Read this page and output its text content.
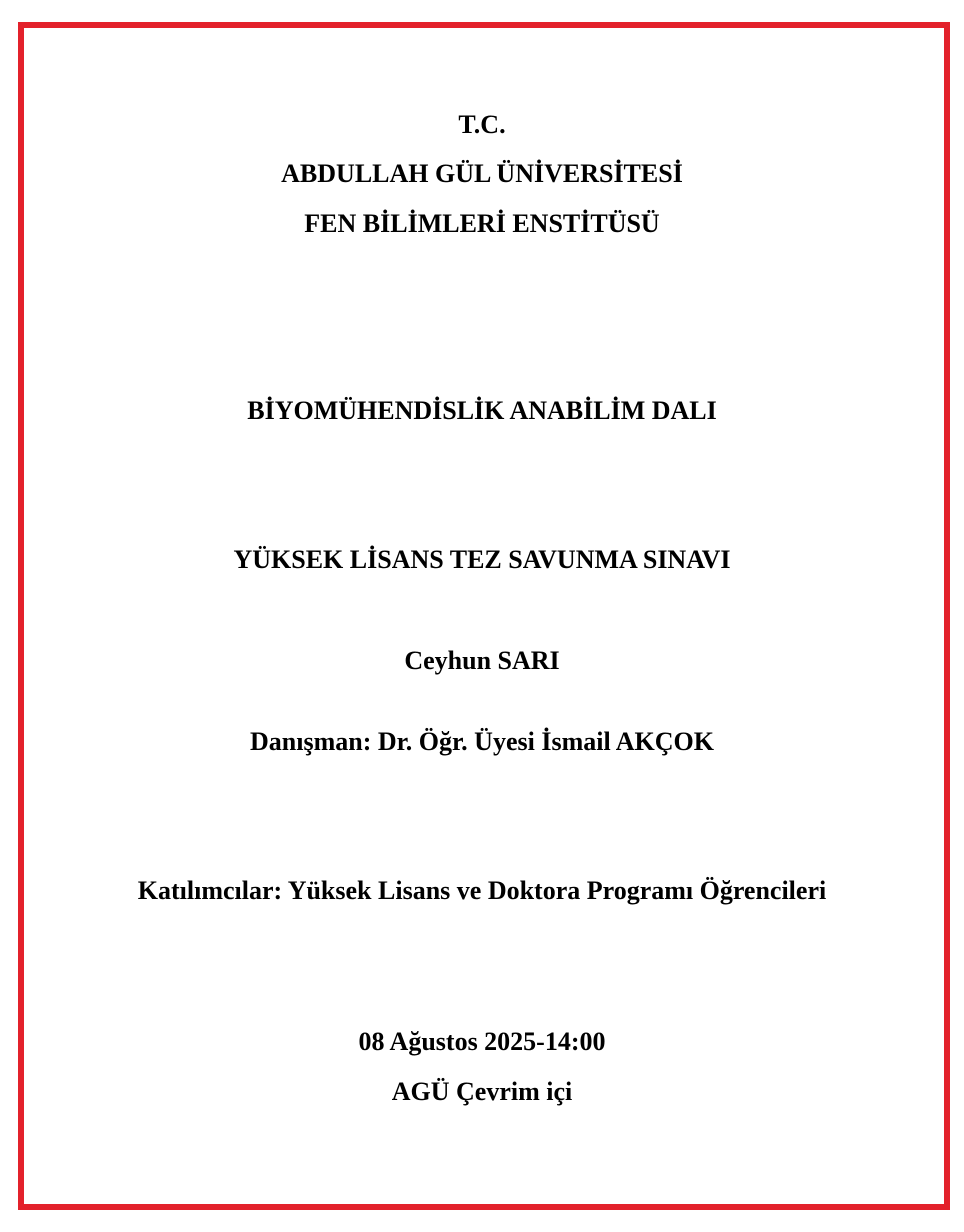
T.C.
ABDULLAH GÜL ÜNİVERSİTESİ
FEN BİLİMLERİ ENSTİTÜSÜ
BİYOMÜHENDİSLİK ANABİLİM DALI
YÜKSEK LİSANS TEZ SAVUNMA SINAVI
Ceyhun SARI
Danışman: Dr. Öğr. Üyesi İsmail AKÇOK
Katılımcılar: Yüksek Lisans ve Doktora Programı Öğrencileri
08 Ağustos 2025-14:00
AGÜ Çevrim içi
